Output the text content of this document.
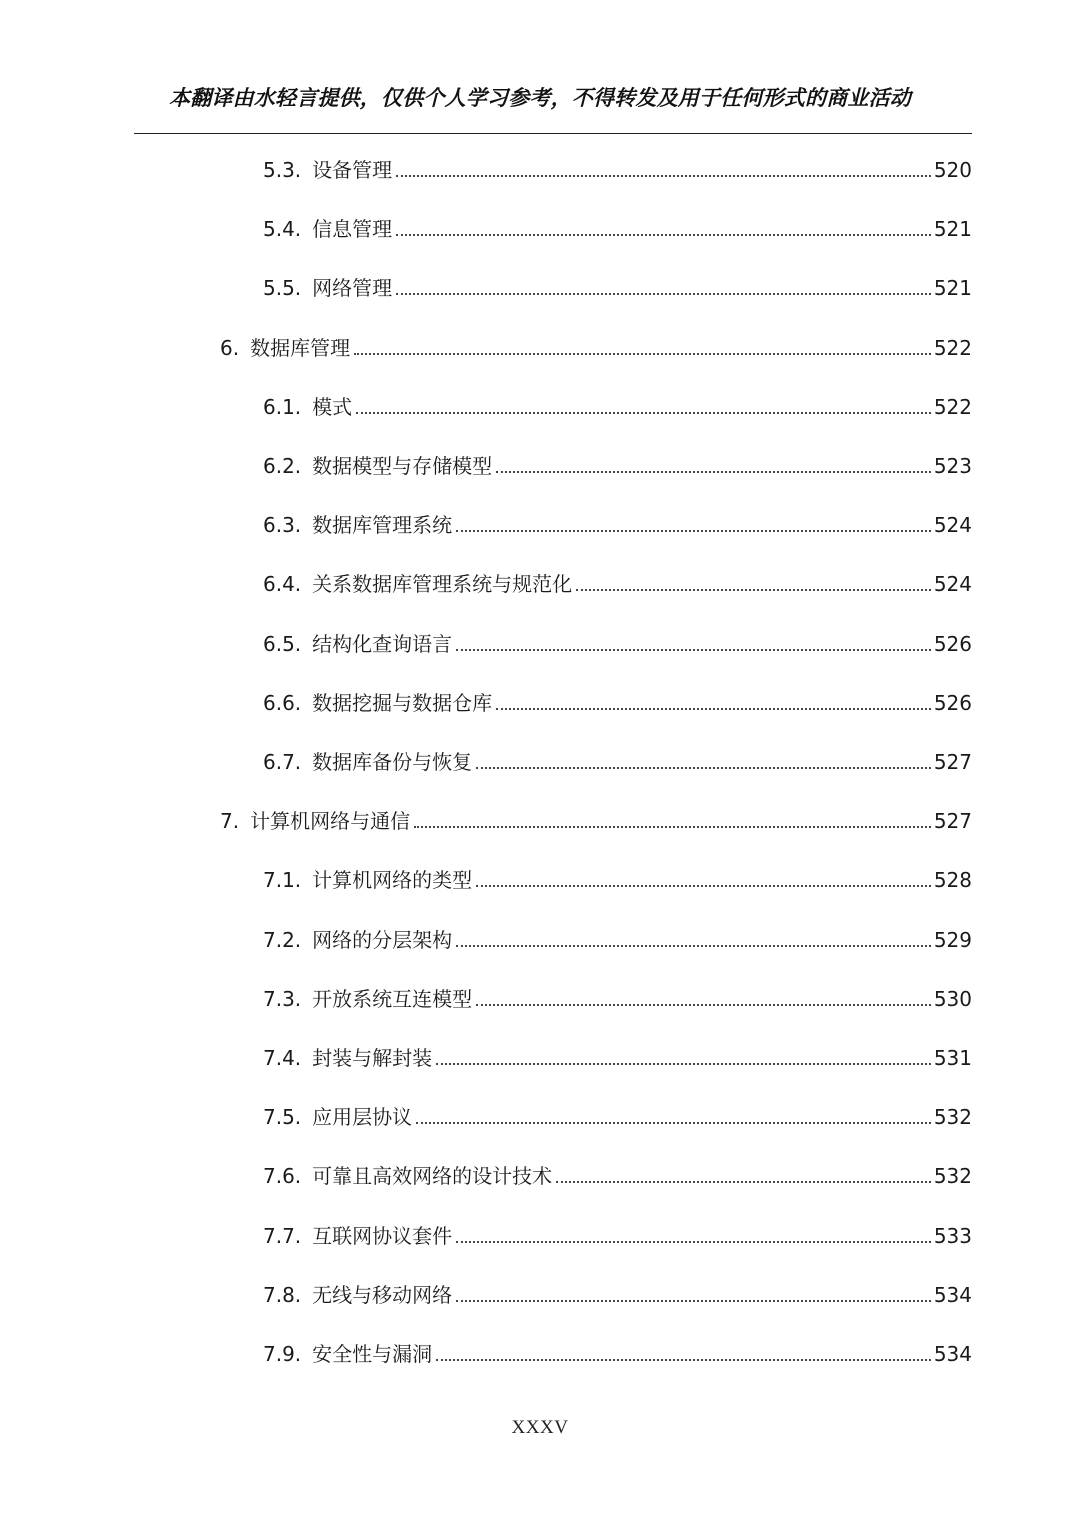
本翻译由水轻言提供，仅供个人学习参考，不得转发及用于任何形式的商业活动
5.3. 设备管理	520
5.4. 信息管理	521
5.5. 网络管理	521
6. 数据库管理	522
6.1. 模式	522
6.2. 数据模型与存储模型	523
6.3. 数据库管理系统	524
6.4. 关系数据库管理系统与规范化	524
6.5. 结构化查询语言	526
6.6. 数据挖掘与数据仓库	526
6.7. 数据库备份与恢复	527
7. 计算机网络与通信	527
7.1. 计算机网络的类型	528
7.2. 网络的分层架构	529
7.3. 开放系统互连模型	530
7.4. 封装与解封装	531
7.5. 应用层协议	532
7.6. 可靠且高效网络的设计技术	532
7.7. 互联网协议套件	533
7.8. 无线与移动网络	534
7.9. 安全性与漏洞	534
XXXV
